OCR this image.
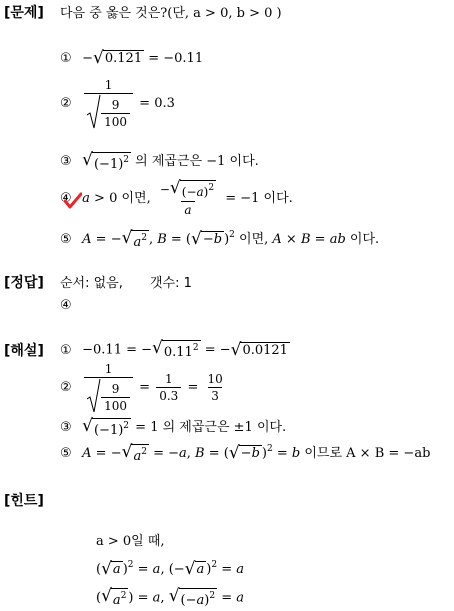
[문제] 다음 중 옳은 것은?(단, a > 0, b > 0 )
① − √ 0.121 = −0.11
② $\frac{1}{\frac{9}{100}} = 0.3$
③ √ $(-1)^2$ 의 제곱근은 −1 이다.
④ a > 0 이면, $\frac{- √ (-a)^2}{a} = -1$ 이다.
⑤ A = − √ $a^2$ , B = ( √ −b )$^2$ 이면, A × B = ab 이다.
[정답] 순서: 없음, 갯수: 1
④
[해설] ① −0.11 = − √ $0.11^2$ = − √ 0.0121
② $\frac{1}{\frac{9}{100}} = \frac{1}{0.3} = \frac{10}{3}$
③ √ $(-1)^2 = 1$ 의 제곱근은 ±1 이다.
⑤ A = − √ $a^2 = -a$, B = ( √ −b )$^2$ = b 이므로 A × B = −ab
[힌트]
a > 0일 때,
( √ a )$^2$ = a, (− √ a )$^2$ = a
( √ $a^2$ ) = a, √ $(-a)^2 = a$
